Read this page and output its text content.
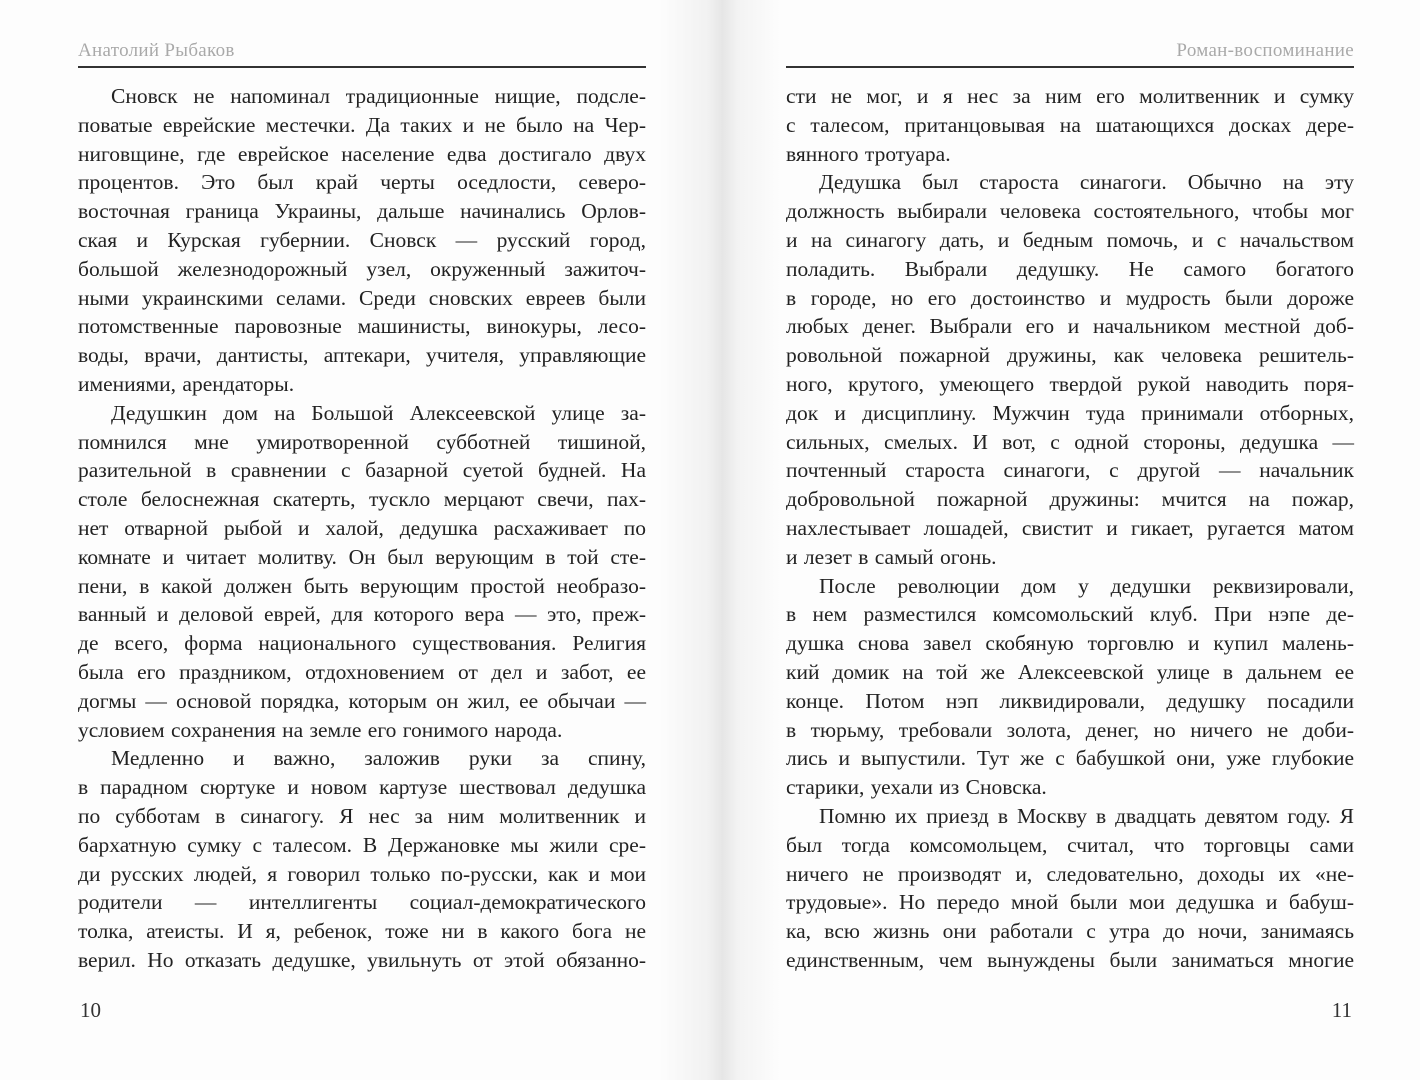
Анатолий Рыбаков
Сновск не напоминал традиционные нищие, подсле-
поватые еврейские местечки. Да таких и не было на Чер-
ниговщине, где еврейское население едва достигало двух
процентов. Это был край черты оседлости, северо-
восточная граница Украины, дальше начинались Орлов-
ская и Курская губернии. Сновск — русский город,
большой железнодорожный узел, окруженный зажиточ-
ными украинскими селами. Среди сновских евреев были
потомственные паровозные машинисты, винокуры, лесо-
воды, врачи, дантисты, аптекари, учителя, управляющие
имениями, арендаторы.
Дедушкин дом на Большой Алексеевской улице за-
помнился мне умиротворенной субботней тишиной,
разительной в сравнении с базарной суетой будней. На
столе белоснежная скатерть, тускло мерцают свечи, пах-
нет отварной рыбой и халой, дедушка расхаживает по
комнате и читает молитву. Он был верующим в той сте-
пени, в какой должен быть верующим простой необразо-
ванный и деловой еврей, для которого вера — это, преж-
де всего, форма национального существования. Религия
была его праздником, отдохновением от дел и забот, ее
догмы — основой порядка, которым он жил, ее обычаи —
условием сохранения на земле его гонимого народа.
Медленно и важно, заложив руки за спину,
в парадном сюртуке и новом картузе шествовал дедушка
по субботам в синагогу. Я нес за ним молитвенник и
бархатную сумку с талесом. В Держановке мы жили сре-
ди русских людей, я говорил только по-русски, как и мои
родители — интеллигенты социал-демократического
толка, атеисты. И я, ребенок, тоже ни в какого бога не
верил. Но отказать дедушке, увильнуть от этой обязанно-
10
Роман-воспоминание
сти не мог, и я нес за ним его молитвенник и сумку
с талесом, пританцовывая на шатающихся досках дере-
вянного тротуара.
Дедушка был староста синагоги. Обычно на эту
должность выбирали человека состоятельного, чтобы мог
и на синагогу дать, и бедным помочь, и с начальством
поладить. Выбрали дедушку. Не самого богатого
в городе, но его достоинство и мудрость были дороже
любых денег. Выбрали его и начальником местной доб-
ровольной пожарной дружины, как человека решитель-
ного, крутого, умеющего твердой рукой наводить поря-
док и дисциплину. Мужчин туда принимали отборных,
сильных, смелых. И вот, с одной стороны, дедушка —
почтенный староста синагоги, с другой — начальник
добровольной пожарной дружины: мчится на пожар,
нахлестывает лошадей, свистит и гикает, ругается матом
и лезет в самый огонь.
После революции дом у дедушки реквизировали,
в нем разместился комсомольский клуб. При нэпе де-
душка снова завел скобяную торговлю и купил малень-
кий домик на той же Алексеевской улице в дальнем ее
конце. Потом нэп ликвидировали, дедушку посадили
в тюрьму, требовали золота, денег, но ничего не доби-
лись и выпустили. Тут же с бабушкой они, уже глубокие
старики, уехали из Сновска.
Помню их приезд в Москву в двадцать девятом году. Я
был тогда комсомольцем, считал, что торговцы сами
ничего не производят и, следовательно, доходы их «не-
трудовые». Но передо мной были мои дедушка и бабуш-
ка, всю жизнь они работали с утра до ночи, занимаясь
единственным, чем вынуждены были заниматься многие
11
